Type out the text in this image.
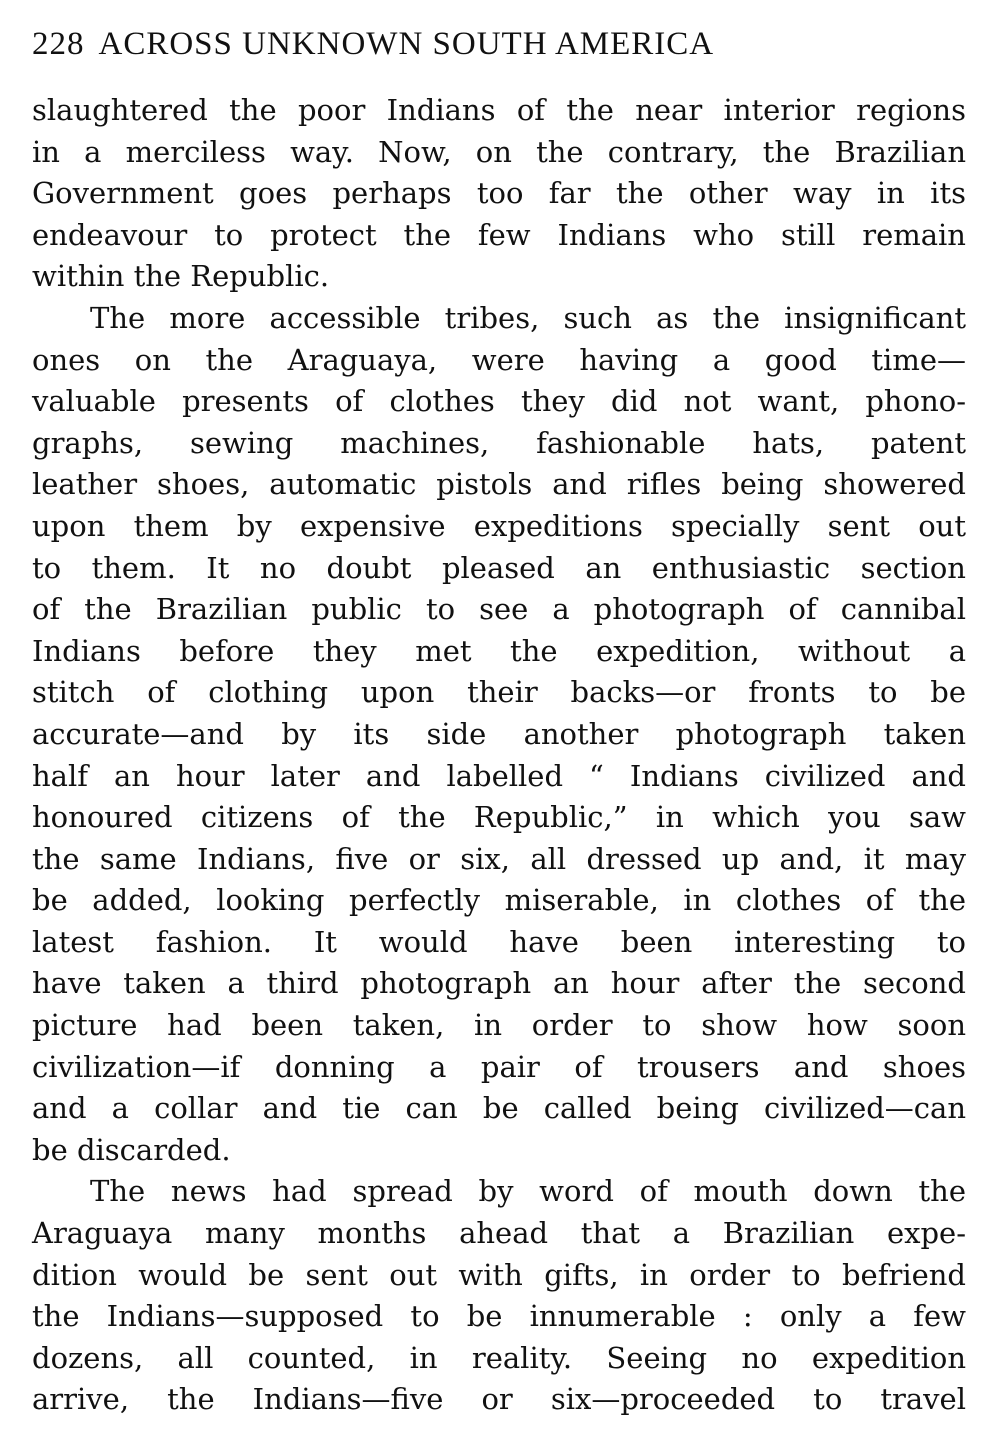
228 ACROSS UNKNOWN SOUTH AMERICA
slaughtered the poor Indians of the near interior regions
in a merciless way. Now, on the contrary, the Brazilian
Government goes perhaps too far the other way in its
endeavour to protect the few Indians who still remain
within the Republic.
The more accessible tribes, such as the insignificant
ones on the Araguaya, were having a good time—
valuable presents of clothes they did not want, phono-
graphs, sewing machines, fashionable hats, patent
leather shoes, automatic pistols and rifles being showered
upon them by expensive expeditions specially sent out
to them. It no doubt pleased an enthusiastic section
of the Brazilian public to see a photograph of cannibal
Indians before they met the expedition, without a
stitch of clothing upon their backs—or fronts to be
accurate—and by its side another photograph taken
half an hour later and labelled “ Indians civilized and
honoured citizens of the Republic,” in which you saw
the same Indians, five or six, all dressed up and, it may
be added, looking perfectly miserable, in clothes of the
latest fashion. It would have been interesting to
have taken a third photograph an hour after the second
picture had been taken, in order to show how soon
civilization—if donning a pair of trousers and shoes
and a collar and tie can be called being civilized—can
be discarded.
The news had spread by word of mouth down the
Araguaya many months ahead that a Brazilian expe-
dition would be sent out with gifts, in order to befriend
the Indians—supposed to be innumerable : only a few
dozens, all counted, in reality. Seeing no expedition
arrive, the Indians—five or six—proceeded to travel
